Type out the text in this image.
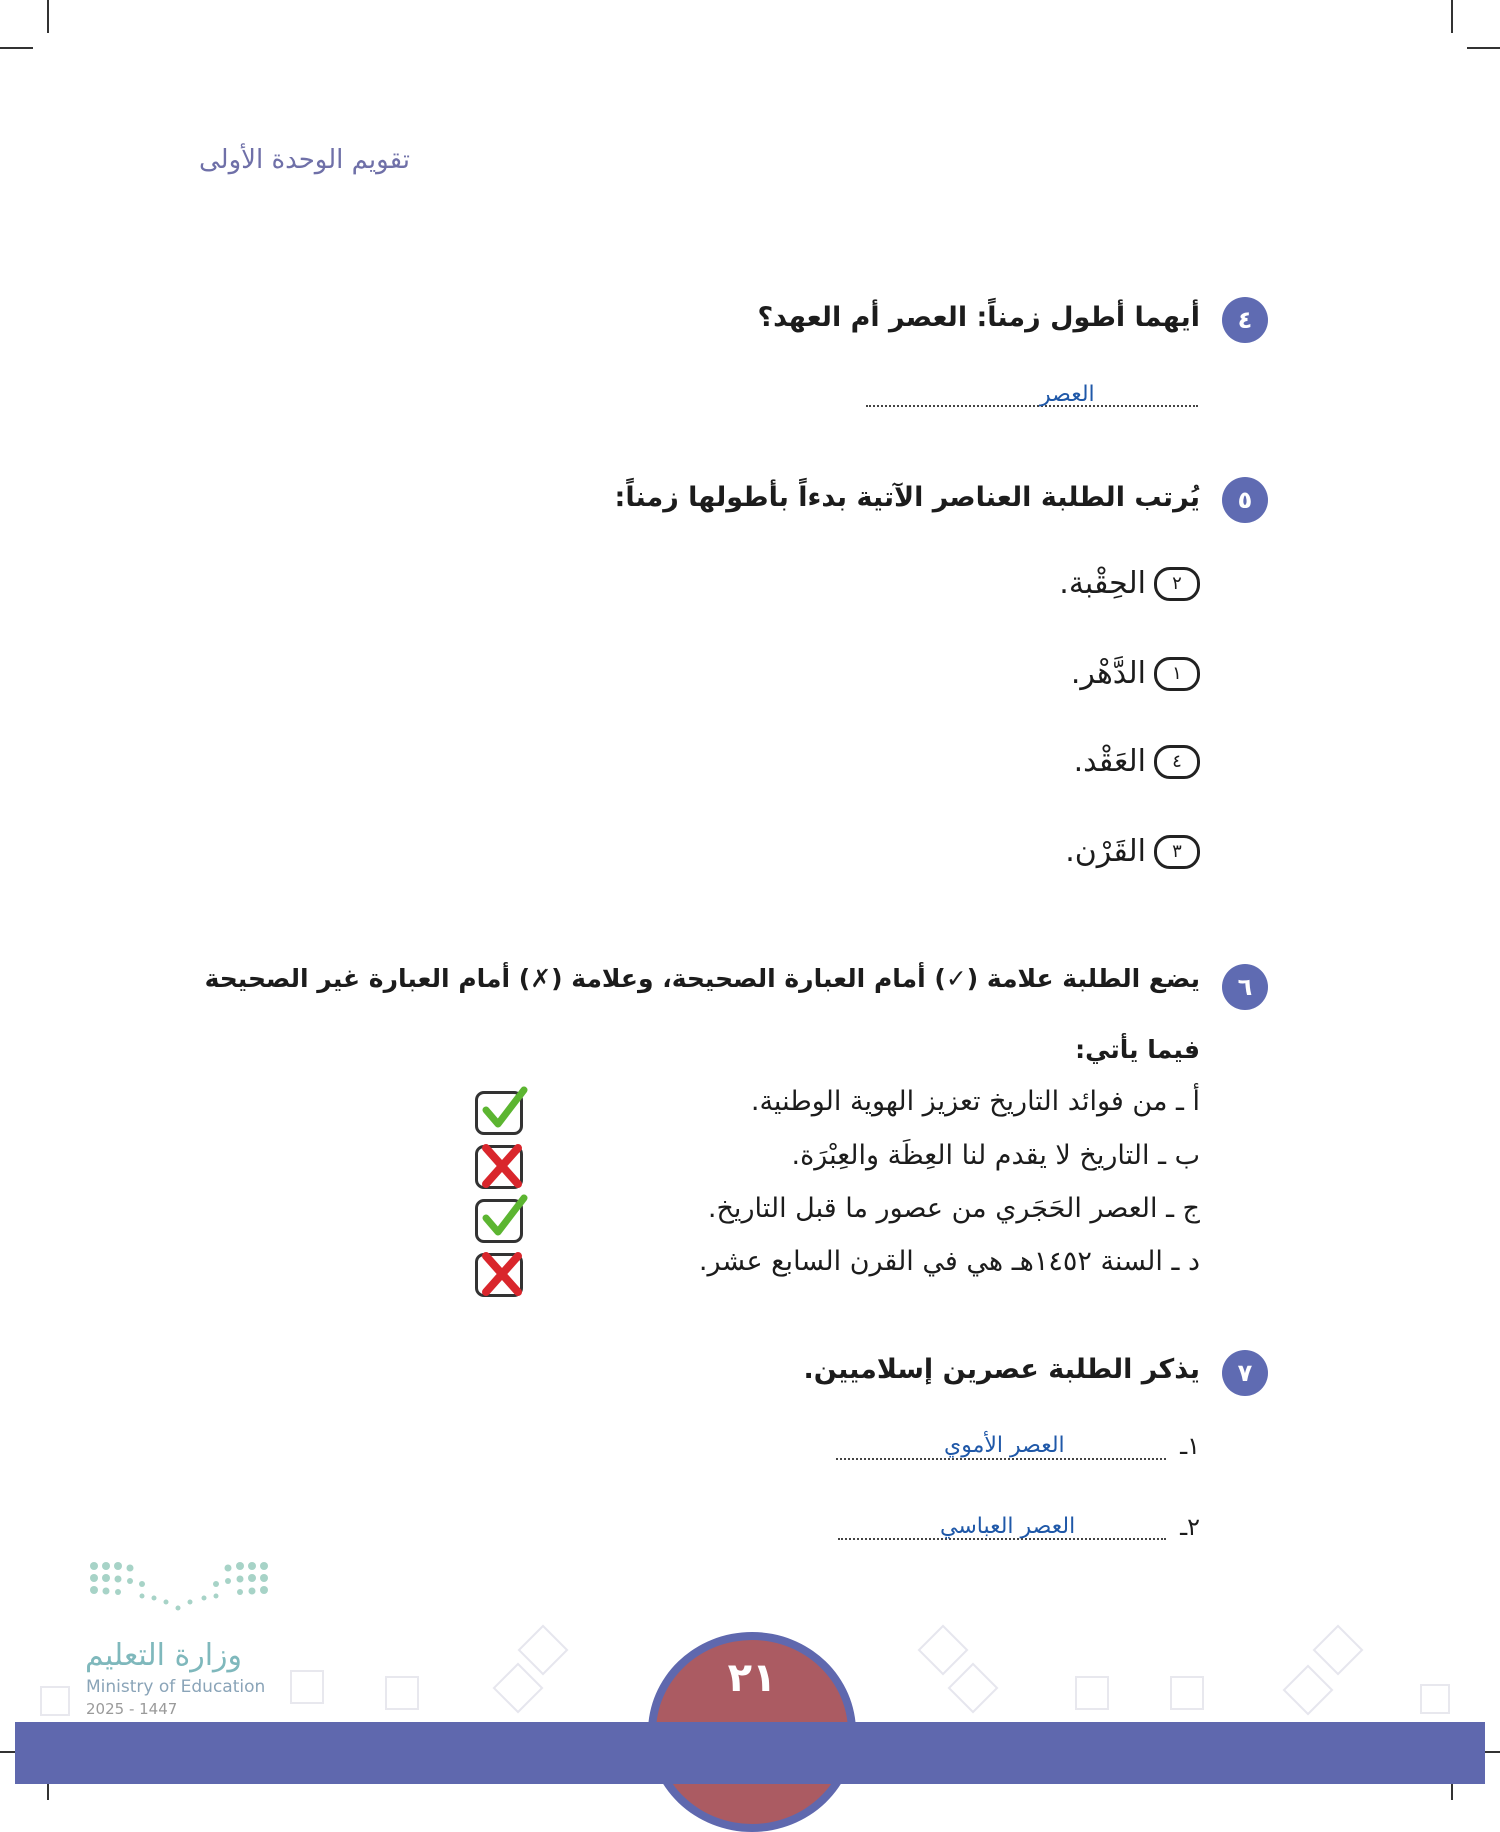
تقويم الوحدة الأولى
٤
أيهما أطول زمناً: العصر أم العهد؟
العصر
٥
يُرتب الطلبة العناصر الآتية بدءاً بأطولها زمناً:
٢
الحِقْبة.
١
الدَّهْر.
٤
العَقْد.
٣
القَرْن.
٦
يضع الطلبة علامة (✓) أمام العبارة الصحيحة، وعلامة (✗) أمام العبارة غير الصحيحة
فيما يأتي:
أ ـ من فوائد التاريخ تعزيز الهوية الوطنية.
ب ـ التاريخ لا يقدم لنا العِظَة والعِبْرَة.
ج ـ العصر الحَجَري من عصور ما قبل التاريخ.
د ـ السنة ١٤٥٢هـ هي في القرن السابع عشر.
٧
يذكر الطلبة عصرين إسلاميين.
١ـ
العصر الأموي
٢ـ
العصر العباسي
وزارة التعليم
Ministry of Education
2025 - 1447
٢١
